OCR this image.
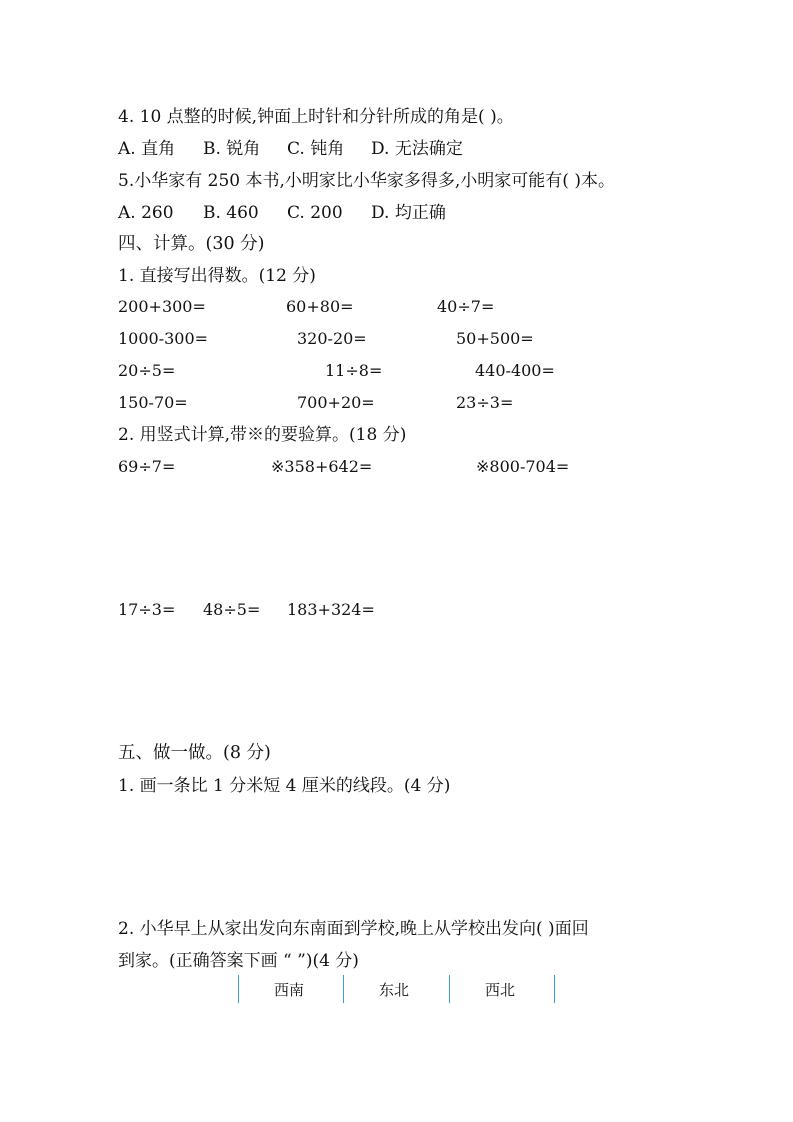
4. 10 点整的时候,钟面上时针和分针所成的角是( )。
A. 直角 B. 锐角 C. 钝角 D. 无法确定
5.小华家有 250 本书,小明家比小华家多得多,小明家可能有( )本。
A. 260 B. 460 C. 200 D. 均正确
四、计算。(30 分)
1. 直接写出得数。(12 分)
200+300=	60+80=	40÷7=
1000-300=	320-20=	50+500=
20÷5=	11÷8=	440-400=
150-70=	700+20=	23÷3=
2. 用竖式计算,带※的要验算。(18 分)
69÷7=	※358+642=	※800-704=
17÷3= 48÷5= 183+324=
五、做一做。(8 分)
1. 画一条比 1 分米短 4 厘米的线段。(4 分)
2. 小华早上从家出发向东南面到学校,晚上从学校出发向( )面回
到家。(正确答案下画 “ ”)(4 分)
西南	东北	西北
